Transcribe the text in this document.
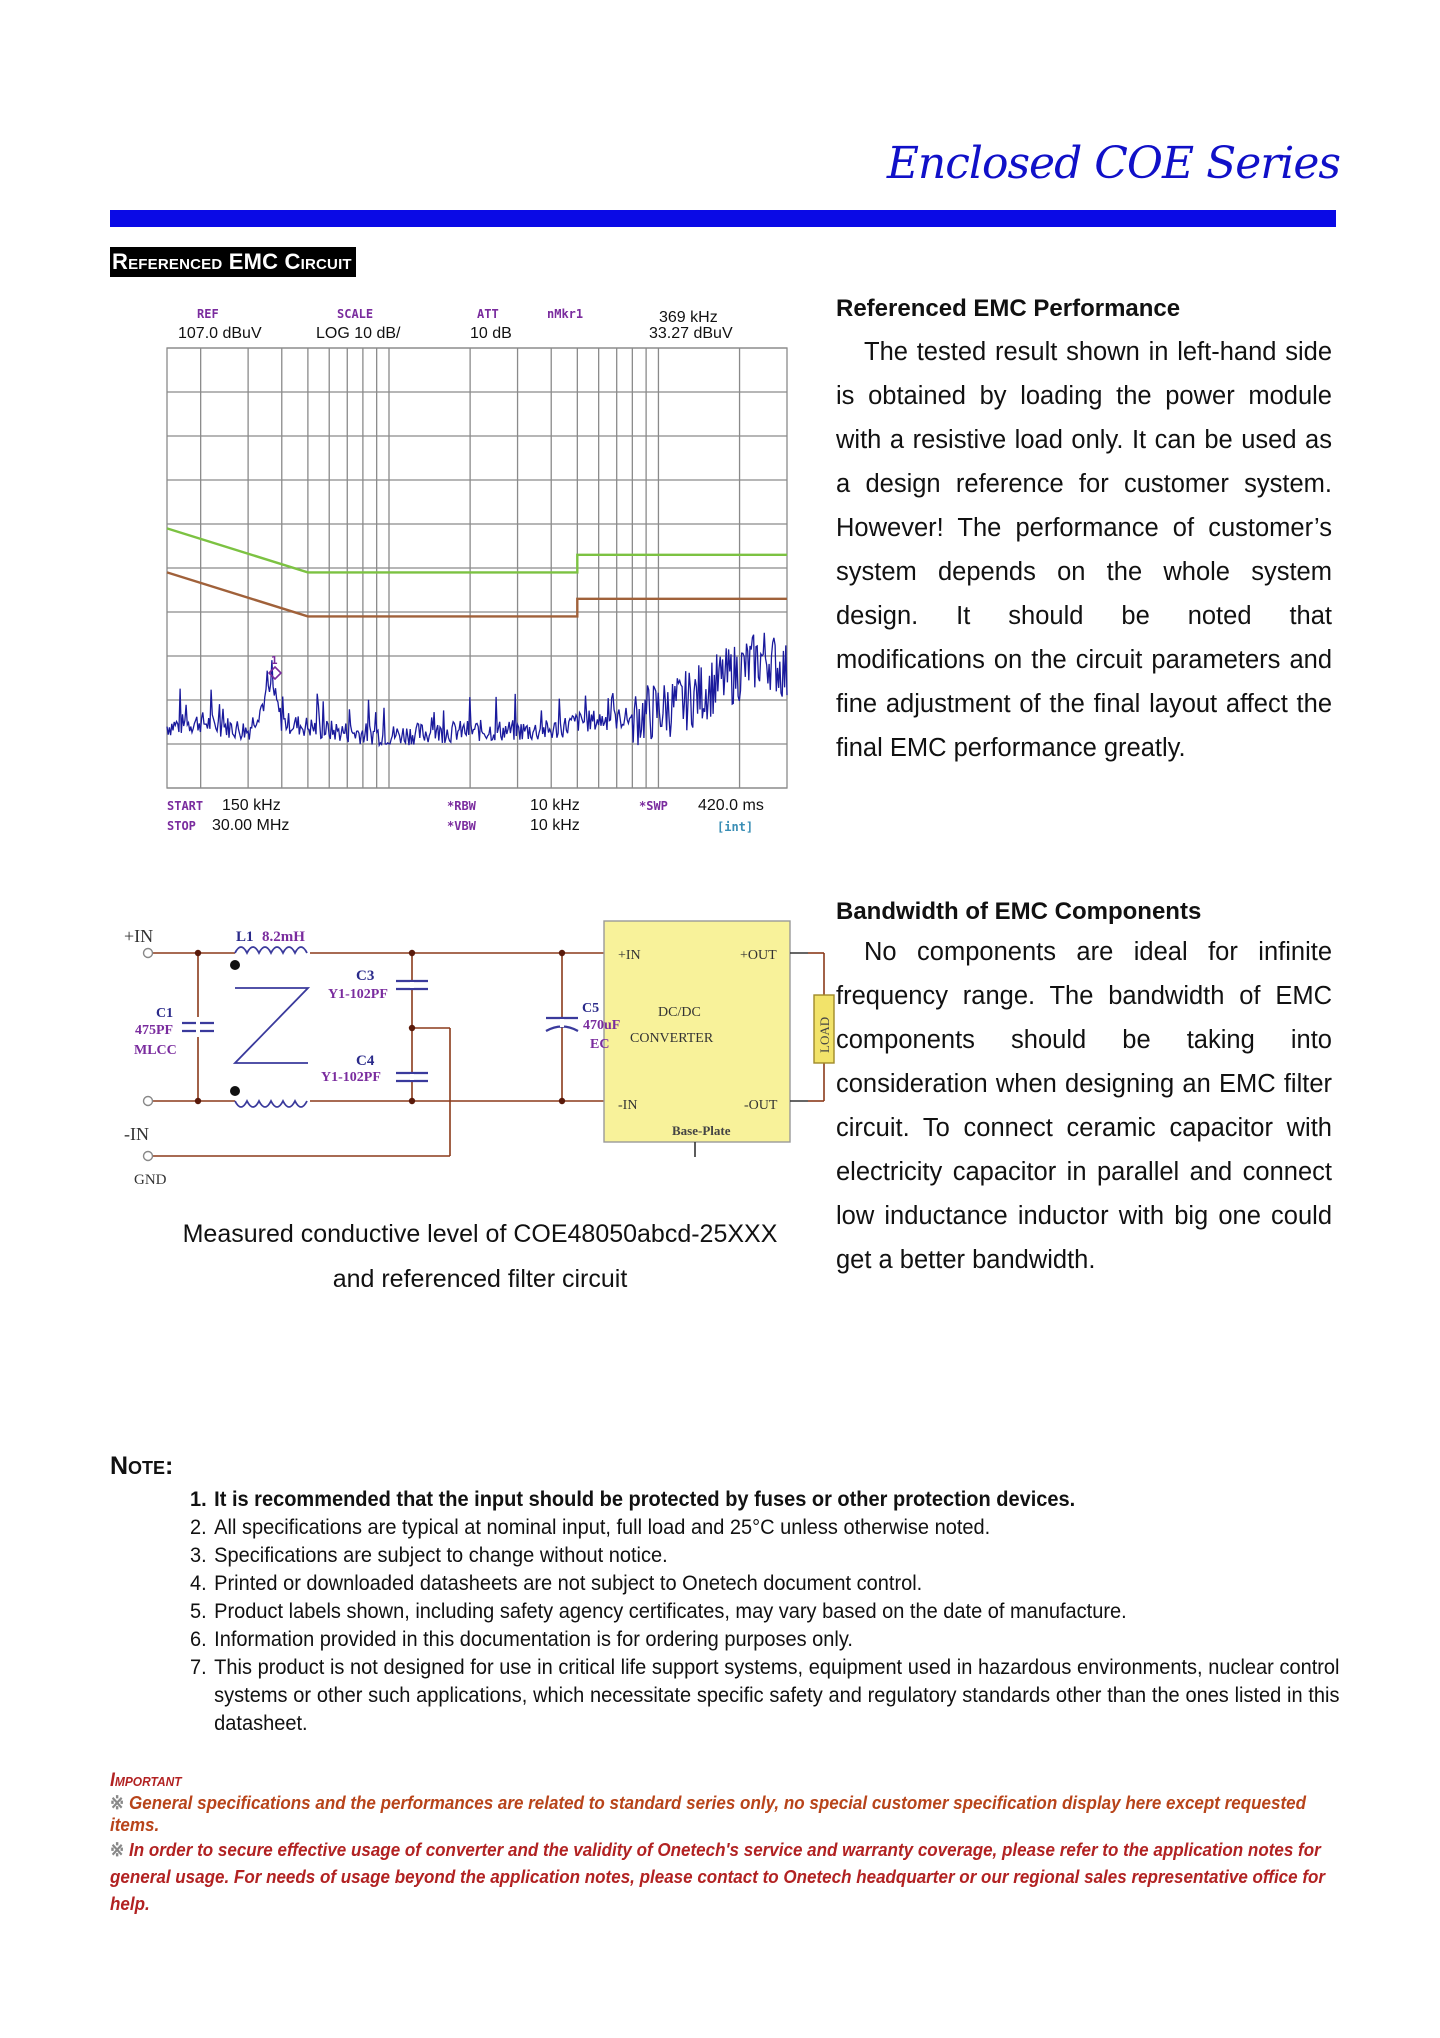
Enclosed COE Series
Referenced EMC Circuit
REF
107.0 dBuV
SCALE
LOG 10 dB/
ATT
10 dB
nMkr1	369 kHz
33.27 dBuV
1
START 150 kHz
STOP 30.00 MHz
*RBW	10 kHz
*VBW	10 kHz
*SWP 420.0 ms
[int]
Referenced EMC Performance
The tested result shown in left-hand side is obtained by loading the power module with a resistive load only. It can be used as a design reference for customer system. However! The performance of customer’s system depends on the whole system design. It should be noted that modifications on the circuit parameters and fine adjustment of the final layout affect the final EMC performance greatly.
+IN
-IN
GND
L1 8.2mH
C1
475PF
MLCC
C3
Y1-102PF
C4
Y1-102PF
C5
470uF
EC
+IN	+OUT
-IN	-OUT
DC/DC
CONVERTER
Base-Plate
LOAD
Measured conductive level of COE48050abcd-25XXX
and referenced filter circuit
Bandwidth of EMC Components
No components are ideal for infinite frequency range. The bandwidth of EMC components should be taking into consideration when designing an EMC filter circuit. To connect ceramic capacitor with electricity capacitor in parallel and connect low inductance inductor with big one could get a better bandwidth.
Note:
1. It is recommended that the input should be protected by fuses or other protection devices.
2. All specifications are typical at nominal input, full load and 25°C unless otherwise noted.
3. Specifications are subject to change without notice.
4. Printed or downloaded datasheets are not subject to Onetech document control.
5. Product labels shown, including safety agency certificates, may vary based on the date of manufacture.
6. Information provided in this documentation is for ordering purposes only.
7. This product is not designed for use in critical life support systems, equipment used in hazardous environments, nuclear control systems or other such applications, which necessitate specific safety and regulatory standards other than the ones listed in this datasheet.
Important

※ General specifications and the performances are related to standard series only, no special customer specification display here except requested items.

※ In order to secure effective usage of converter and the validity of Onetech's service and warranty coverage, please refer to the application notes for general usage. For needs of usage beyond the application notes, please contact to Onetech headquarter or our regional sales representative office for help.
